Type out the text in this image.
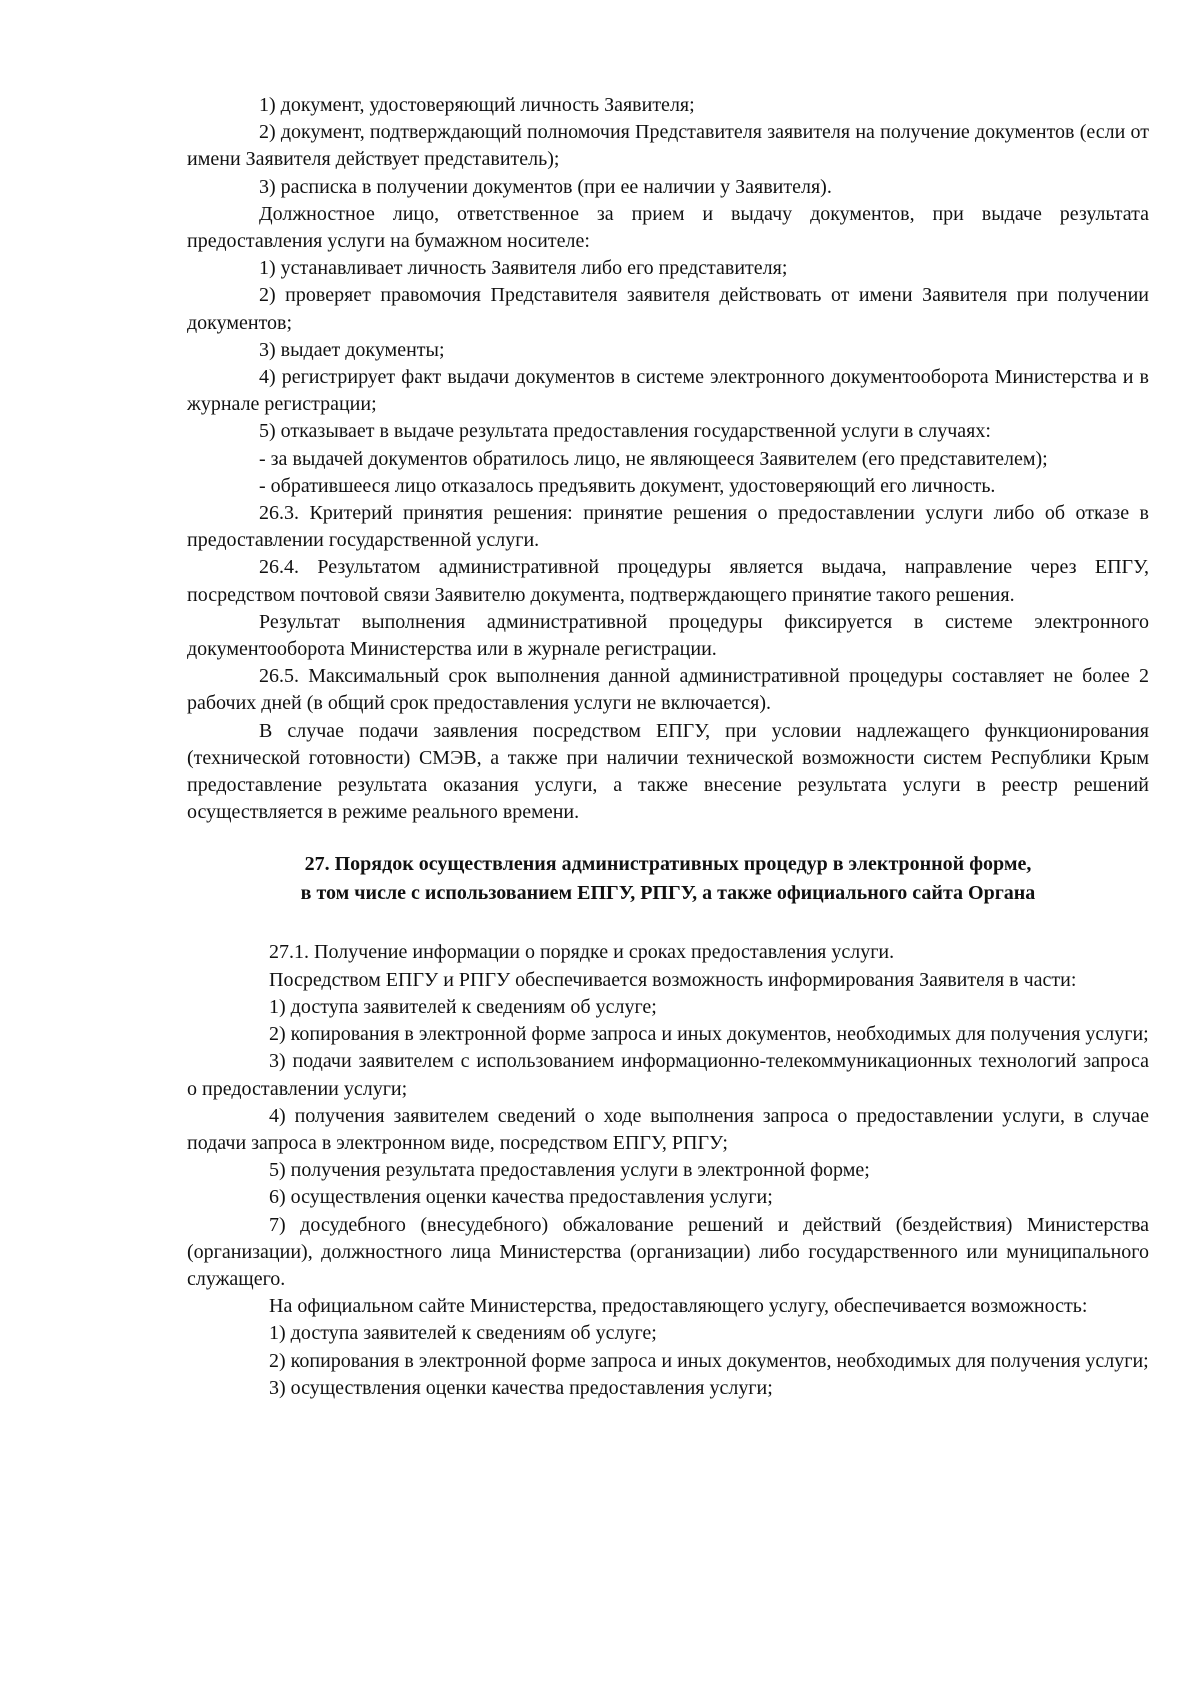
1) документ, удостоверяющий личность Заявителя;

2) документ, подтверждающий полномочия Представителя заявителя на получение документов (если от имени Заявителя действует представитель);

3) расписка в получении документов (при ее наличии у Заявителя).

Должностное лицо, ответственное за прием и выдачу документов, при выдаче результата предоставления услуги на бумажном носителе:

1) устанавливает личность Заявителя либо его представителя;

2) проверяет правомочия Представителя заявителя действовать от имени Заявителя при получении документов;

3) выдает документы;

4) регистрирует факт выдачи документов в системе электронного документооборота Министерства и в журнале регистрации;

5) отказывает в выдаче результата предоставления государственной услуги в случаях:

- за выдачей документов обратилось лицо, не являющееся Заявителем (его представителем);

- обратившееся лицо отказалось предъявить документ, удостоверяющий его личность.

26.3. Критерий принятия решения: принятие решения о предоставлении услуги либо об отказе в предоставлении государственной услуги.

26.4. Результатом административной процедуры является выдача, направление через ЕПГУ, посредством почтовой связи Заявителю документа, подтверждающего принятие такого решения.

Результат выполнения административной процедуры фиксируется в системе электронного документооборота Министерства или в журнале регистрации.

26.5. Максимальный срок выполнения данной административной процедуры составляет не более 2 рабочих дней (в общий срок предоставления услуги не включается).

В случае подачи заявления посредством ЕПГУ, при условии надлежащего функционирования (технической готовности) СМЭВ, а также при наличии технической возможности систем Республики Крым предоставление результата оказания услуги, а также внесение результата услуги в реестр решений осуществляется в режиме реального времени.

27. Порядок осуществления административных процедур в электронной форме,
в том числе с использованием ЕПГУ, РПГУ, а также официального сайта Органа

27.1. Получение информации о порядке и сроках предоставления услуги.

Посредством ЕПГУ и РПГУ обеспечивается возможность информирования Заявителя в части:

1) доступа заявителей к сведениям об услуге;

2) копирования в электронной форме запроса и иных документов, необходимых для получения услуги;

3) подачи заявителем с использованием информационно-телекоммуникационных технологий запроса о предоставлении услуги;

4) получения заявителем сведений о ходе выполнения запроса о предоставлении услуги, в случае подачи запроса в электронном виде, посредством ЕПГУ, РПГУ;

5) получения результата предоставления услуги в электронной форме;

6) осуществления оценки качества предоставления услуги;

7) досудебного (внесудебного) обжалование решений и действий (бездействия) Министерства (организации), должностного лица Министерства (организации) либо государственного или муниципального служащего.

На официальном сайте Министерства, предоставляющего услугу, обеспечивается возможность:

1) доступа заявителей к сведениям об услуге;

2) копирования в электронной форме запроса и иных документов, необходимых для получения услуги;

3) осуществления оценки качества предоставления услуги;
